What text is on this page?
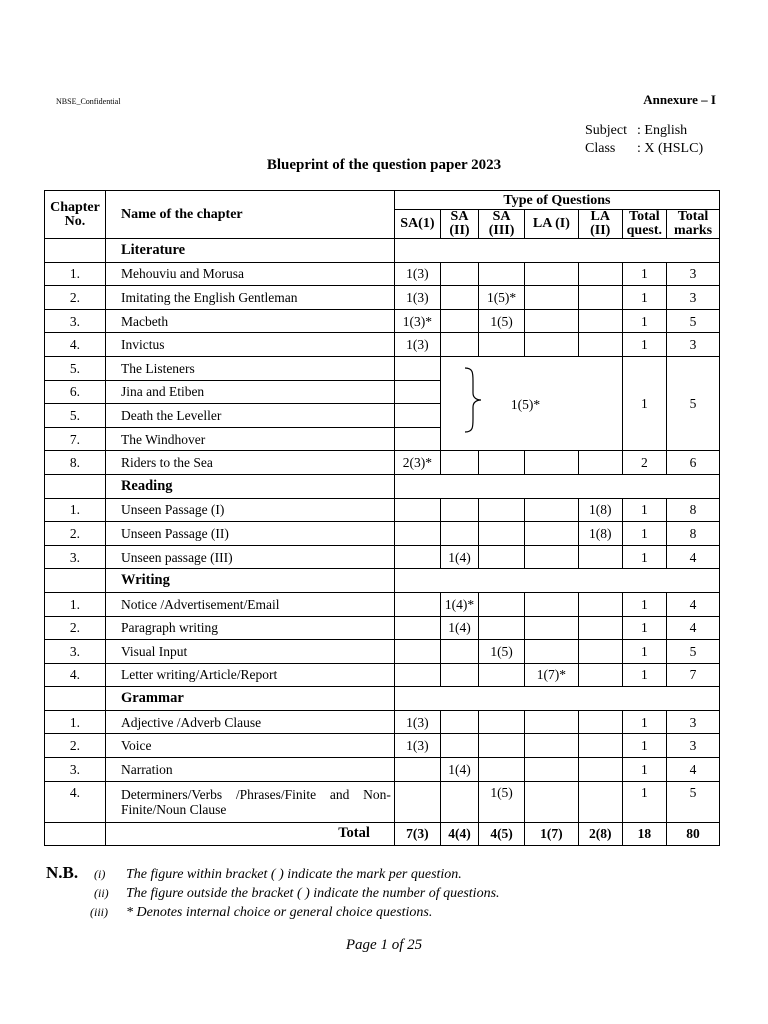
NBSE_Confidential	Annexure – I
Subject : English
Class : X (HSLC)
Blueprint of the question paper 2023
Chapter No.	Name of the chapter	Type of Questions						
		SA(1)	SA (II)	SA (III)	LA (I)	LA (II)	Total quest.	Total marks
	Literature							
1.	Mehouviu and Morusa	1(3)					1	3
2.	Imitating the English Gentleman	1(3)		1(5)*			1	3
3.	Macbeth	1(3)*		1(5)			1	5
4.	Invictus	1(3)					1	3
5.	The Listeners		1(5)*				1	5
6.	Jina and Etiben							
5.	Death the Leveller							
7.	The Windhover							
8.	Riders to the Sea	2(3)*					2	6
	Reading							
1.	Unseen Passage (I)					1(8)	1	8
2.	Unseen Passage (II)					1(8)	1	8
3.	Unseen passage (III)		1(4)				1	4
	Writing							
1.	Notice /Advertisement/Email		1(4)*				1	4
2.	Paragraph writing		1(4)				1	4
3.	Visual Input			1(5)			1	5
4.	Letter writing/Article/Report				1(7)*		1	7
	Grammar							
1.	Adjective /Adverb Clause	1(3)					1	3
2.	Voice	1(3)					1	3
3.	Narration		1(4)				1	4
4.	Determiners/Verbs /Phrases/Finite and Non-Finite/Noun Clause			1(5)			1	5
	Total	7(3)	4(4)	4(5)	1(7)	2(8)	18	80
N.B. (i) The figure within bracket ( ) indicate the mark per question.
(ii) The figure outside the bracket ( ) indicate the number of questions.
(iii) * Denotes internal choice or general choice questions.
Page 1 of 25
